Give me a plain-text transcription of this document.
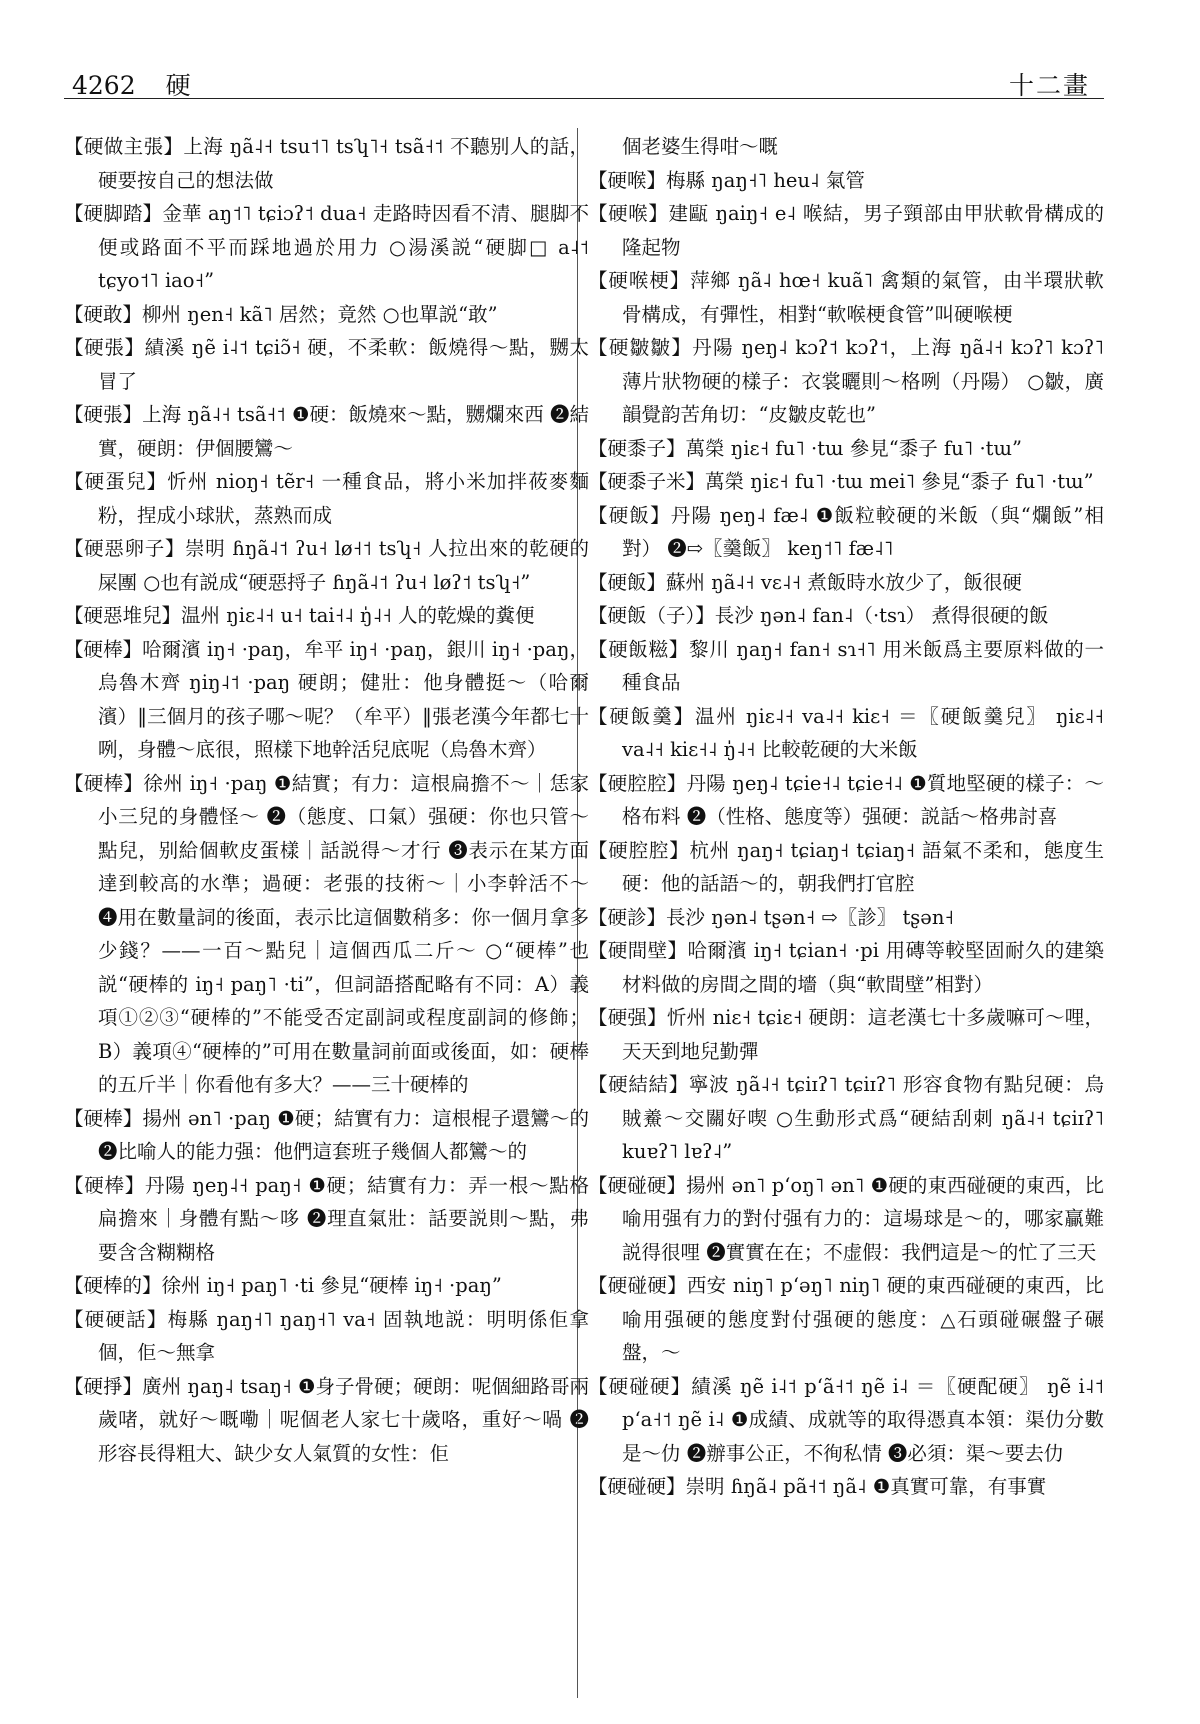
4262 硬	十二畫

【硬做主張】上海 ŋã˨˧ tsu˦˥ tsʮ˥˧ tsã˧˦ 不聽别人的話，硬要按自己的想法做

【硬脚踏】金華 aŋ˦˥ tɕiɔʔ˦ dua˧ 走路時因看不清、腿脚不便或路面不平而踩地過於用力 ○湯溪説“硬脚□ a˨˦ tɕyo˦˥ iao˧”

【硬敢】柳州 ŋen˧ kã˥ 居然；竟然 ○也單説“敢”

【硬張】績溪 ŋẽ i˨˦ tɕiɔ̃˧ 硬，不柔軟：飯燒得～點，嬲太冒了

【硬張】上海 ŋã˨˧ tsã˧˦ ❶硬：飯燒來～點，嬲爛來西 ❷結實，硬朗：伊個腰鸞～

【硬蛋兒】忻州 nioŋ˧ tẽr˧ 一種食品，將小米加拌莜麥麵粉，捏成小球狀，蒸熟而成

【硬惡卵子】崇明 ɦŋã˨˦ ʔu˧ lø˧˦ tsʮ˧ 人拉出來的乾硬的屎團 ○也有説成“硬惡捋子 ɦŋã˨˦ ʔu˧ løʔ˦ tsʮ˧”

【硬惡堆兒】温州 ŋiɛ˨˧ u˧ tai˧˨ ŋ̍˨˧ 人的乾燥的糞便

【硬棒】哈爾濱 iŋ˧ ·paŋ，牟平 iŋ˧ ·paŋ，銀川 iŋ˧ ·paŋ，烏魯木齊 ŋiŋ˨˦ ·paŋ 硬朗；健壯：他身體挺～（哈爾濱）‖三個月的孩子哪～呢？（牟平）‖張老漢今年都七十咧，身體～底很，照樣下地幹活兒底呢（烏魯木齊）

【硬棒】徐州 iŋ˧ ·paŋ ❶結實；有力：這根扁擔不～｜恁家小三兒的身體怪～ ❷（態度、口氣）强硬：你也只管～點兒，别給個軟皮蛋樣｜話説得～才行 ❸表示在某方面達到較高的水準；過硬：老張的技術～｜小李幹活不～ ❹用在數量詞的後面，表示比這個數稍多：你一個月拿多少錢？——一百～點兒｜這個西瓜二斤～ ○“硬棒”也説“硬棒的 iŋ˧ paŋ˥ ·ti”，但詞語搭配略有不同：A）義項①②③“硬棒的”不能受否定副詞或程度副詞的修飾；B）義項④“硬棒的”可用在數量詞前面或後面，如：硬棒的五斤半｜你看他有多大？——三十硬棒的

【硬棒】揚州 ən˥ ·paŋ ❶硬；結實有力：這根棍子還鸞～的 ❷比喻人的能力强：他們這套班子幾個人都鸞～的

【硬棒】丹陽 ŋeŋ˨˧ paŋ˧ ❶硬；結實有力：弄一根～點格扁擔來｜身體有點～哆 ❷理直氣壯：話要説則～點，弗要含含糊糊格

【硬棒的】徐州 iŋ˧ paŋ˥ ·ti 參見“硬棒 iŋ˧ ·paŋ”

【硬硬話】梅縣 ŋaŋ˧˥ ŋaŋ˧˥ va˧ 固執地説：明明係佢拿個，佢～無拿

【硬掙】廣州 ŋaŋ˨ tsaŋ˧ ❶身子骨硬；硬朗：呢個細路哥兩歲啫，就好～嘅嘞｜呢個老人家七十歲咯，重好～喎 ❷形容長得粗大、缺少女人氣質的女性：佢

個老婆生得咁～嘅

【硬喉】梅縣 ŋaŋ˧˥ heu˨ 氣管

【硬喉】建甌 ŋaiŋ˧ e˨ 喉結，男子頸部由甲狀軟骨構成的隆起物

【硬喉梗】萍鄉 ŋã˨ hœ˧ kuã˥ 禽類的氣管，由半環狀軟骨構成，有彈性，相對“軟喉梗食管”叫硬喉梗

【硬皺皺】丹陽 ŋeŋ˨ kɔʔ˦ kɔʔ˦，上海 ŋã˨˧ kɔʔ˥ kɔʔ˥ 薄片狀物硬的樣子：衣裳曬則～格咧（丹陽） ○皺，廣韻覺韵苦角切：“皮皺皮乾也”

【硬黍子】萬榮 ŋiɛ˧ fu˥ ·tɯ 參見“黍子 fu˥ ·tɯ”

【硬黍子米】萬榮 ŋiɛ˧ fu˥ ·tɯ mei˥ 參見“黍子 fu˥ ·tɯ”

【硬飯】丹陽 ŋeŋ˨ fæ˨ ❶飯粒較硬的米飯（與“爛飯”相對） ❷⇨〖羹飯〗 keŋ˦˥ fæ˨˥

【硬飯】蘇州 ŋã˨˧ vɛ˨˧ 煮飯時水放少了，飯很硬

【硬飯（子）】長沙 ŋən˨ fan˨（·tsɿ） 煮得很硬的飯

【硬飯糍】黎川 ŋaŋ˧ fan˧ sɿ˧˥ 用米飯爲主要原料做的一種食品

【硬飯羹】温州 ŋiɛ˨˧ va˨˧ kiɛ˧ ＝〖硬飯羹兒〗 ŋiɛ˨˧ va˨˧ kiɛ˧˨ ŋ̍˨˧ 比較乾硬的大米飯

【硬腔腔】丹陽 ŋeŋ˨ tɕie˧˨ tɕie˧˨ ❶質地堅硬的樣子：～格布料 ❷（性格、態度等）强硬：説話～格弗討喜

【硬腔腔】杭州 ŋaŋ˧ tɕiaŋ˧ tɕiaŋ˧ 語氣不柔和，態度生硬：他的話語～的，朝我們打官腔

【硬診】長沙 ŋən˨ tʂən˧ ⇨〖診〗 tʂən˧

【硬間壁】哈爾濱 iŋ˧ tɕian˧ ·pi 用磚等較堅固耐久的建築材料做的房間之間的墻（與“軟間壁”相對）

【硬强】忻州 niɛ˧ tɕiɛ˧ 硬朗：這老漢七十多歲嘛可～哩，天天到地兒勤彈

【硬結結】寧波 ŋã˨˧ tɕiɪʔ˥ tɕiɪʔ˥ 形容食物有點兒硬：烏賊鯗～交關好喫 ○生動形式爲“硬結刮刺 ŋã˨˧ tɕiɪʔ˥ kuɐʔ˥ lɐʔ˨”

【硬碰硬】揚州 ən˥ pʻoŋ˥ ən˥ ❶硬的東西碰硬的東西，比喻用强有力的對付强有力的：這場球是～的，哪家贏難説得很哩 ❷實實在在；不虚假：我們這是～的忙了三天

【硬碰硬】西安 niŋ˥ pʻəŋ˥ niŋ˥ 硬的東西碰硬的東西，比喻用强硬的態度對付强硬的態度：△石頭碰碾盤子碾盤，～

【硬碰硬】績溪 ŋẽ i˨˦ pʻã˧˦ ŋẽ i˨ ＝〖硬配硬〗 ŋẽ i˨˦ pʻa˧˦ ŋẽ i˨ ❶成績、成就等的取得憑真本領：渠仂分數是～仂 ❷辦事公正，不徇私情 ❸必須：渠～要去仂

【硬碰硬】崇明 ɦŋã˨ pã˧˦ ŋã˨ ❶真實可靠，有事實
